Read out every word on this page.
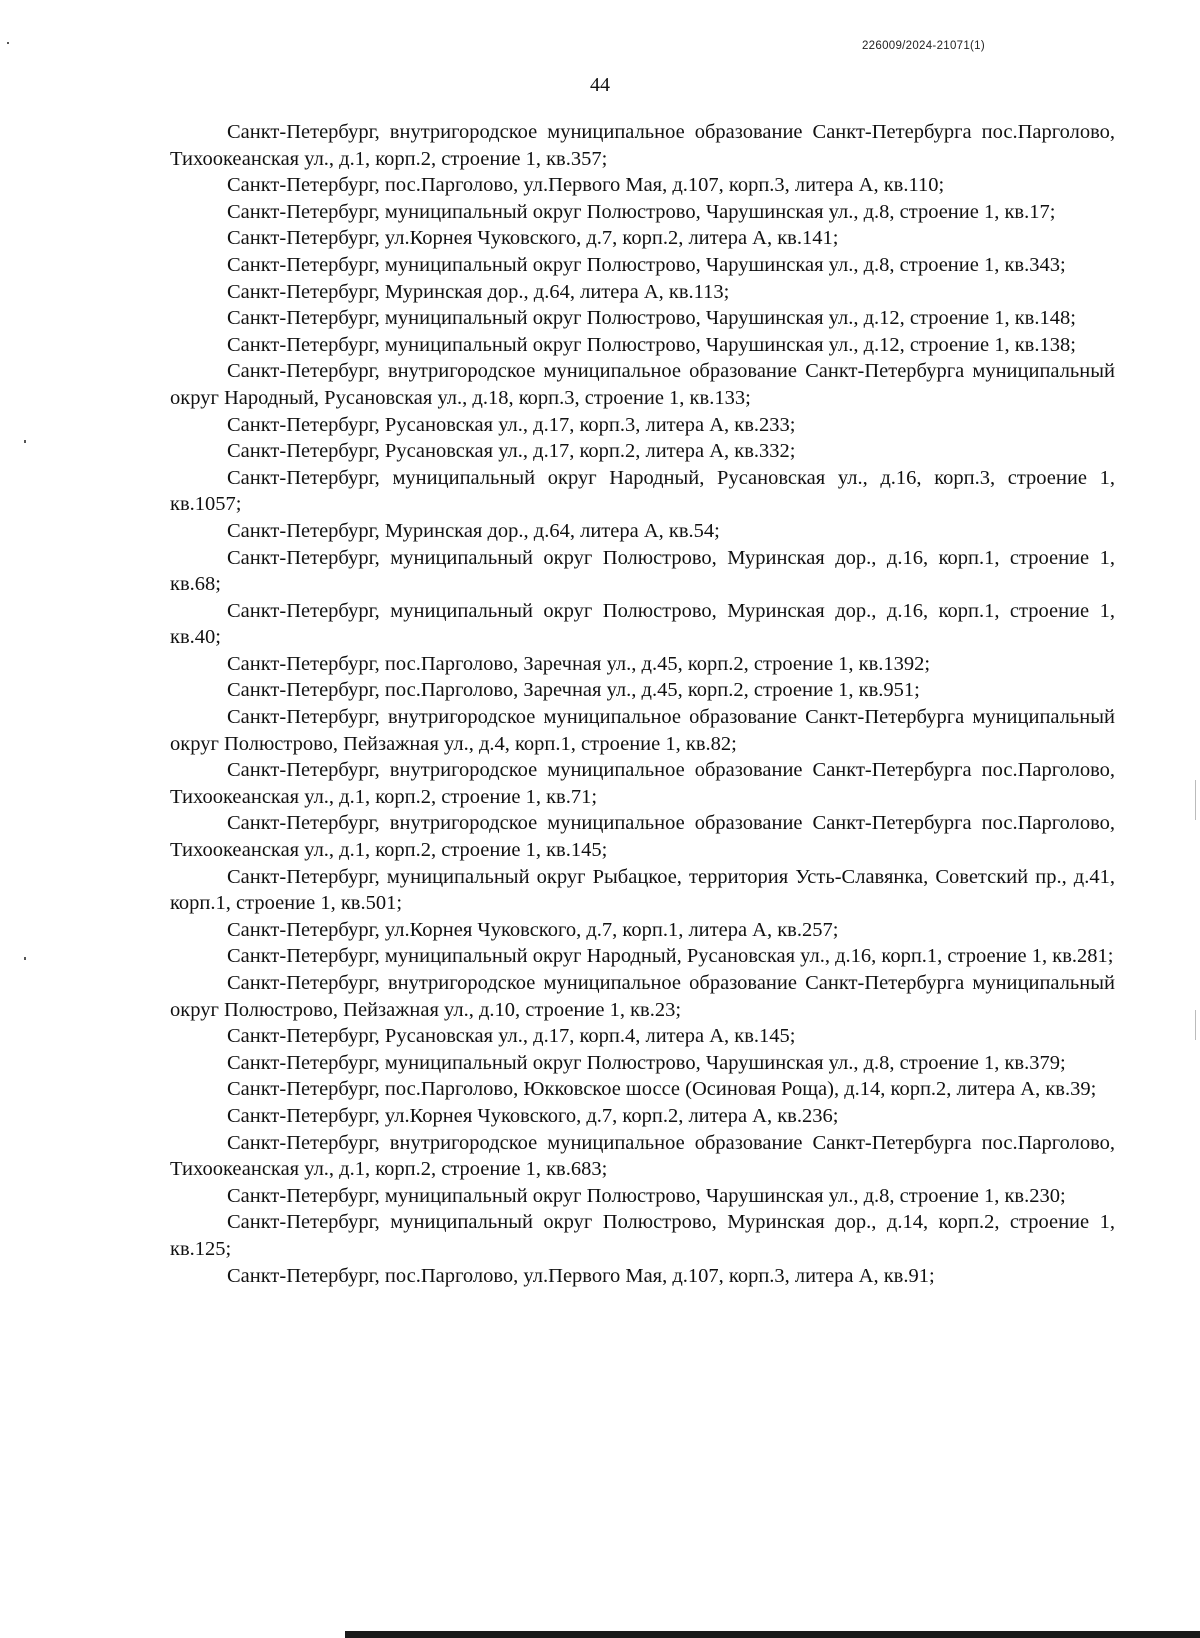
226009/2024-21071(1)
44

Санкт-Петербург, внутригородское муниципальное образование Санкт-Петербурга пос.Парголово, Тихоокеанская ул., д.1, корп.2, строение 1, кв.357;

Санкт-Петербург, пос.Парголово, ул.Первого Мая, д.107, корп.3, литера А, кв.110;

Санкт-Петербург, муниципальный округ Полюстрово, Чарушинская ул., д.8, строение 1, кв.17;

Санкт-Петербург, ул.Корнея Чуковского, д.7, корп.2, литера А, кв.141;

Санкт-Петербург, муниципальный округ Полюстрово, Чарушинская ул., д.8, строение 1, кв.343;

Санкт-Петербург, Муринская дор., д.64, литера А, кв.113;

Санкт-Петербург, муниципальный округ Полюстрово, Чарушинская ул., д.12, строение 1, кв.148;

Санкт-Петербург, муниципальный округ Полюстрово, Чарушинская ул., д.12, строение 1, кв.138;

Санкт-Петербург, внутригородское муниципальное образование Санкт-Петербурга муниципальный округ Народный, Русановская ул., д.18, корп.3, строение 1, кв.133;

Санкт-Петербург, Русановская ул., д.17, корп.3, литера А, кв.233;

Санкт-Петербург, Русановская ул., д.17, корп.2, литера А, кв.332;

Санкт-Петербург, муниципальный округ Народный, Русановская ул., д.16, корп.3, строение 1, кв.1057;

Санкт-Петербург, Муринская дор., д.64, литера А, кв.54;

Санкт-Петербург, муниципальный округ Полюстрово, Муринская дор., д.16, корп.1, строение 1, кв.68;

Санкт-Петербург, муниципальный округ Полюстрово, Муринская дор., д.16, корп.1, строение 1, кв.40;

Санкт-Петербург, пос.Парголово, Заречная ул., д.45, корп.2, строение 1, кв.1392;

Санкт-Петербург, пос.Парголово, Заречная ул., д.45, корп.2, строение 1, кв.951;

Санкт-Петербург, внутригородское муниципальное образование Санкт-Петербурга муниципальный округ Полюстрово, Пейзажная ул., д.4, корп.1, строение 1, кв.82;

Санкт-Петербург, внутригородское муниципальное образование Санкт-Петербурга пос.Парголово, Тихоокеанская ул., д.1, корп.2, строение 1, кв.71;

Санкт-Петербург, внутригородское муниципальное образование Санкт-Петербурга пос.Парголово, Тихоокеанская ул., д.1, корп.2, строение 1, кв.145;

Санкт-Петербург, муниципальный округ Рыбацкое, территория Усть-Славянка, Советский пр., д.41, корп.1, строение 1, кв.501;

Санкт-Петербург, ул.Корнея Чуковского, д.7, корп.1, литера А, кв.257;

Санкт-Петербург, муниципальный округ Народный, Русановская ул., д.16, корп.1, строение 1, кв.281;

Санкт-Петербург, внутригородское муниципальное образование Санкт-Петербурга муниципальный округ Полюстрово, Пейзажная ул., д.10, строение 1, кв.23;

Санкт-Петербург, Русановская ул., д.17, корп.4, литера А, кв.145;

Санкт-Петербург, муниципальный округ Полюстрово, Чарушинская ул., д.8, строение 1, кв.379;

Санкт-Петербург, пос.Парголово, Юкковское шоссе (Осиновая Роща), д.14, корп.2, литера А, кв.39;

Санкт-Петербург, ул.Корнея Чуковского, д.7, корп.2, литера А, кв.236;

Санкт-Петербург, внутригородское муниципальное образование Санкт-Петербурга пос.Парголово, Тихоокеанская ул., д.1, корп.2, строение 1, кв.683;

Санкт-Петербург, муниципальный округ Полюстрово, Чарушинская ул., д.8, строение 1, кв.230;

Санкт-Петербург, муниципальный округ Полюстрово, Муринская дор., д.14, корп.2, строение 1, кв.125;

Санкт-Петербург, пос.Парголово, ул.Первого Мая, д.107, корп.3, литера А, кв.91;
